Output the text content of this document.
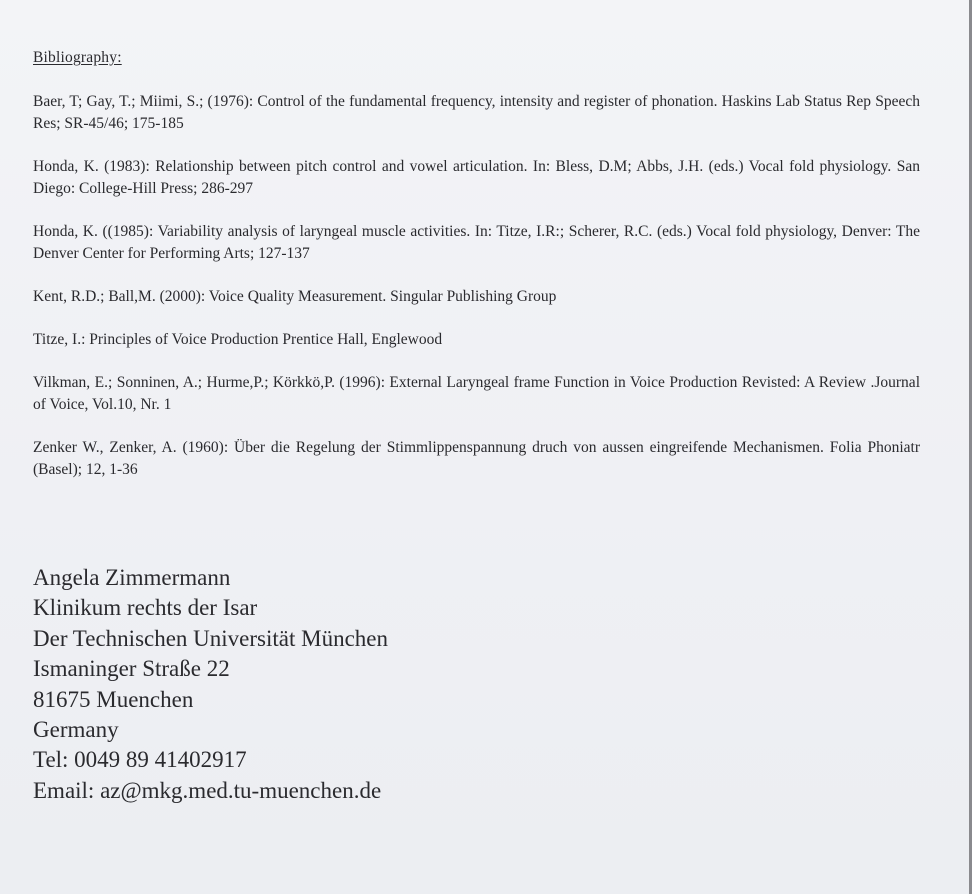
Bibliography:
Baer, T; Gay, T.; Miimi, S.; (1976): Control of the fundamental frequency, intensity and register of phonation. Haskins Lab Status Rep Speech Res; SR-45/46; 175-185
Honda, K. (1983): Relationship between pitch control and vowel articulation. In: Bless, D.M; Abbs, J.H. (eds.) Vocal fold physiology. San Diego: College-Hill Press; 286-297
Honda, K. ((1985): Variability analysis of laryngeal muscle activities. In: Titze, I.R:; Scherer, R.C. (eds.) Vocal fold physiology, Denver: The Denver Center for Performing Arts; 127-137
Kent, R.D.; Ball,M. (2000): Voice Quality Measurement. Singular Publishing Group
Titze, I.: Principles of Voice Production Prentice Hall, Englewood
Vilkman, E.; Sonninen, A.; Hurme,P.; Körkkö,P. (1996): External Laryngeal frame Function in Voice Production Revisted: A Review .Journal of Voice, Vol.10, Nr. 1
Zenker W., Zenker, A. (1960): Über die Regelung der Stimmlippenspannung druch von aussen eingreifende Mechanismen. Folia Phoniatr (Basel); 12, 1-36
Angela Zimmermann
Klinikum rechts der Isar
Der Technischen Universität München
Ismaninger Straße 22
81675 Muenchen
Germany
Tel: 0049 89 41402917
Email: az@mkg.med.tu-muenchen.de
